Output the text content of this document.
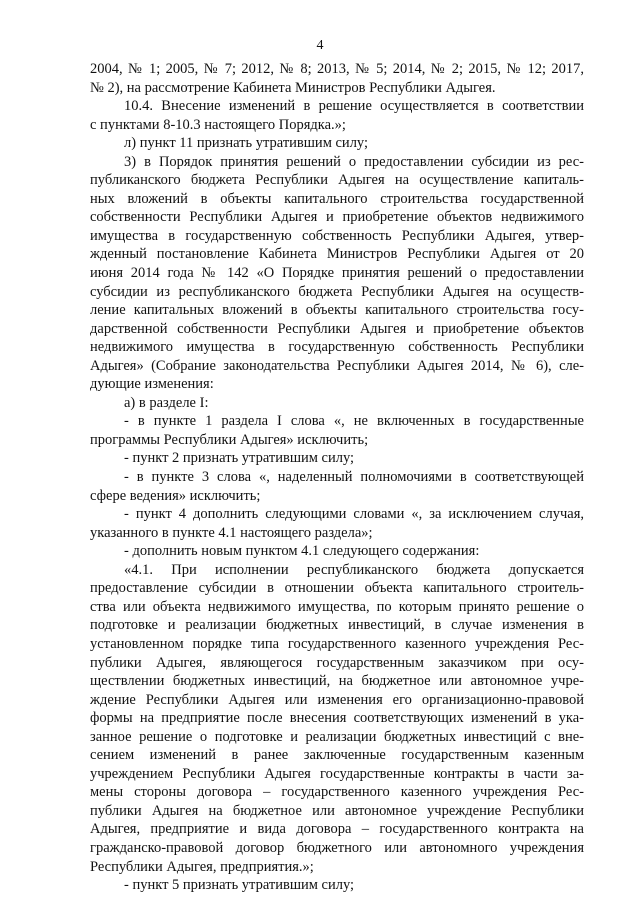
4
2004, № 1; 2005, № 7; 2012, № 8; 2013, № 5; 2014, № 2; 2015, № 12; 2017,
№ 2), на рассмотрение Кабинета Министров Республики Адыгея.
10.4. Внесение изменений в решение осуществляется в соответствии
с пунктами 8-10.3 настоящего Порядка.»;
л) пункт 11 признать утратившим силу;
3) в Порядок принятия решений о предоставлении субсидии из рес-
публиканского бюджета Республики Адыгея на осуществление капиталь-
ных вложений в объекты капитального строительства государственной
собственности Республики Адыгея и приобретение объектов недвижимого
имущества в государственную собственность Республики Адыгея, утвер-
жденный постановление Кабинета Министров Республики Адыгея от 20
июня 2014 года № 142 «О Порядке принятия решений о предоставлении
субсидии из республиканского бюджета Республики Адыгея на осуществ-
ление капитальных вложений в объекты капитального строительства госу-
дарственной собственности Республики Адыгея и приобретение объектов
недвижимого имущества в государственную собственность Республики
Адыгея» (Собрание законодательства Республики Адыгея 2014, № 6), сле-
дующие изменения:
а) в разделе I:
- в пункте 1 раздела I слова «, не включенных в государственные
программы Республики Адыгея» исключить;
- пункт 2 признать утратившим силу;
- в пункте 3 слова «, наделенный полномочиями в соответствующей
сфере ведения» исключить;
- пункт 4 дополнить следующими словами «, за исключением случая,
указанного в пункте 4.1 настоящего раздела»;
- дополнить новым пунктом 4.1 следующего содержания:
«4.1. При исполнении республиканского бюджета допускается
предоставление субсидии в отношении объекта капитального строитель-
ства или объекта недвижимого имущества, по которым принято решение о
подготовке и реализации бюджетных инвестиций, в случае изменения в
установленном порядке типа государственного казенного учреждения Рес-
публики Адыгея, являющегося государственным заказчиком при осу-
ществлении бюджетных инвестиций, на бюджетное или автономное учре-
ждение Республики Адыгея или изменения его организационно-правовой
формы на предприятие после внесения соответствующих изменений в ука-
занное решение о подготовке и реализации бюджетных инвестиций с вне-
сением изменений в ранее заключенные государственным казенным
учреждением Республики Адыгея государственные контракты в части за-
мены стороны договора – государственного казенного учреждения Рес-
публики Адыгея на бюджетное или автономное учреждение Республики
Адыгея, предприятие и вида договора – государственного контракта на
гражданско-правовой договор бюджетного или автономного учреждения
Республики Адыгея, предприятия.»;
- пункт 5 признать утратившим силу;
